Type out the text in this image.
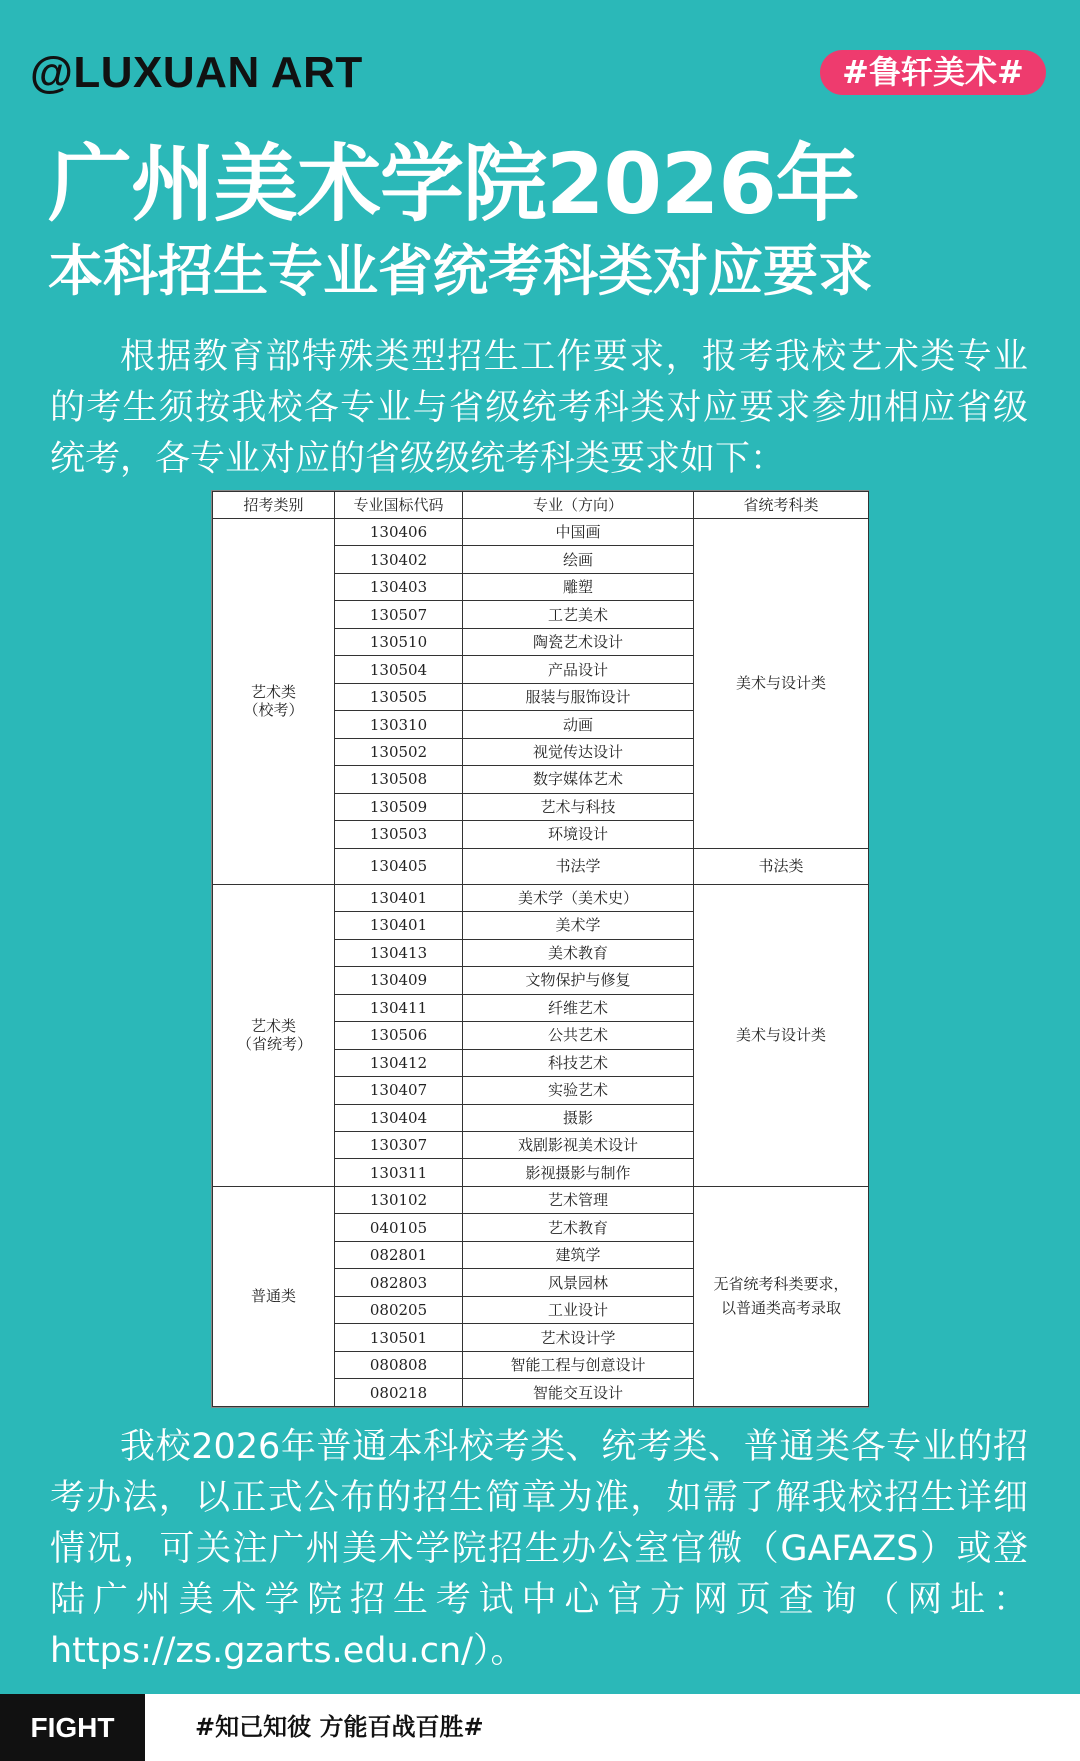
@LUXUAN ART	#鲁轩美术#
广州美术学院2026年
本科招生专业省统考科类对应要求
根据教育部特殊类型招生工作要求，报考我校艺术类专业的考生须按我校各专业与省级统考科类对应要求参加相应省级统考，各专业对应的省级级统考科类要求如下：
招考类别	专业国标代码	专业（方向）	省统考科类
艺术类（校考）	130406	中国画	美术与设计类
	130402	绘画	
	130403	雕塑	
	130507	工艺美术	
	130510	陶瓷艺术设计	
	130504	产品设计	
	130505	服装与服饰设计	
	130310	动画	
	130502	视觉传达设计	
	130508	数字媒体艺术	
	130509	艺术与科技	
	130503	环境设计	
	130405	书法学	书法类
艺术类（省统考）	130401	美术学（美术史）	美术与设计类
	130401	美术学	
	130413	美术教育	
	130409	文物保护与修复	
	130411	纤维艺术	
	130506	公共艺术	
	130412	科技艺术	
	130407	实验艺术	
	130404	摄影	
	130307	戏剧影视美术设计	
	130311	影视摄影与制作	
普通类	130102	艺术管理	无省统考科类要求，以普通类高考录取
	040105	艺术教育	
	082801	建筑学	
	082803	风景园林	
	080205	工业设计	
	130501	艺术设计学	
	080808	智能工程与创意设计	
	080218	智能交互设计	
我校2026年普通本科校考类、统考类、普通类各专业的招考办法，以正式公布的招生简章为准，如需了解我校招生详细情况，可关注广州美术学院招生办公室官微（GAFAZS）或登陆广州美术学院招生考试中心官方网页查询（网址：https://zs.gzarts.edu.cn/）。
FIGHT	#知己知彼 方能百战百胜#
